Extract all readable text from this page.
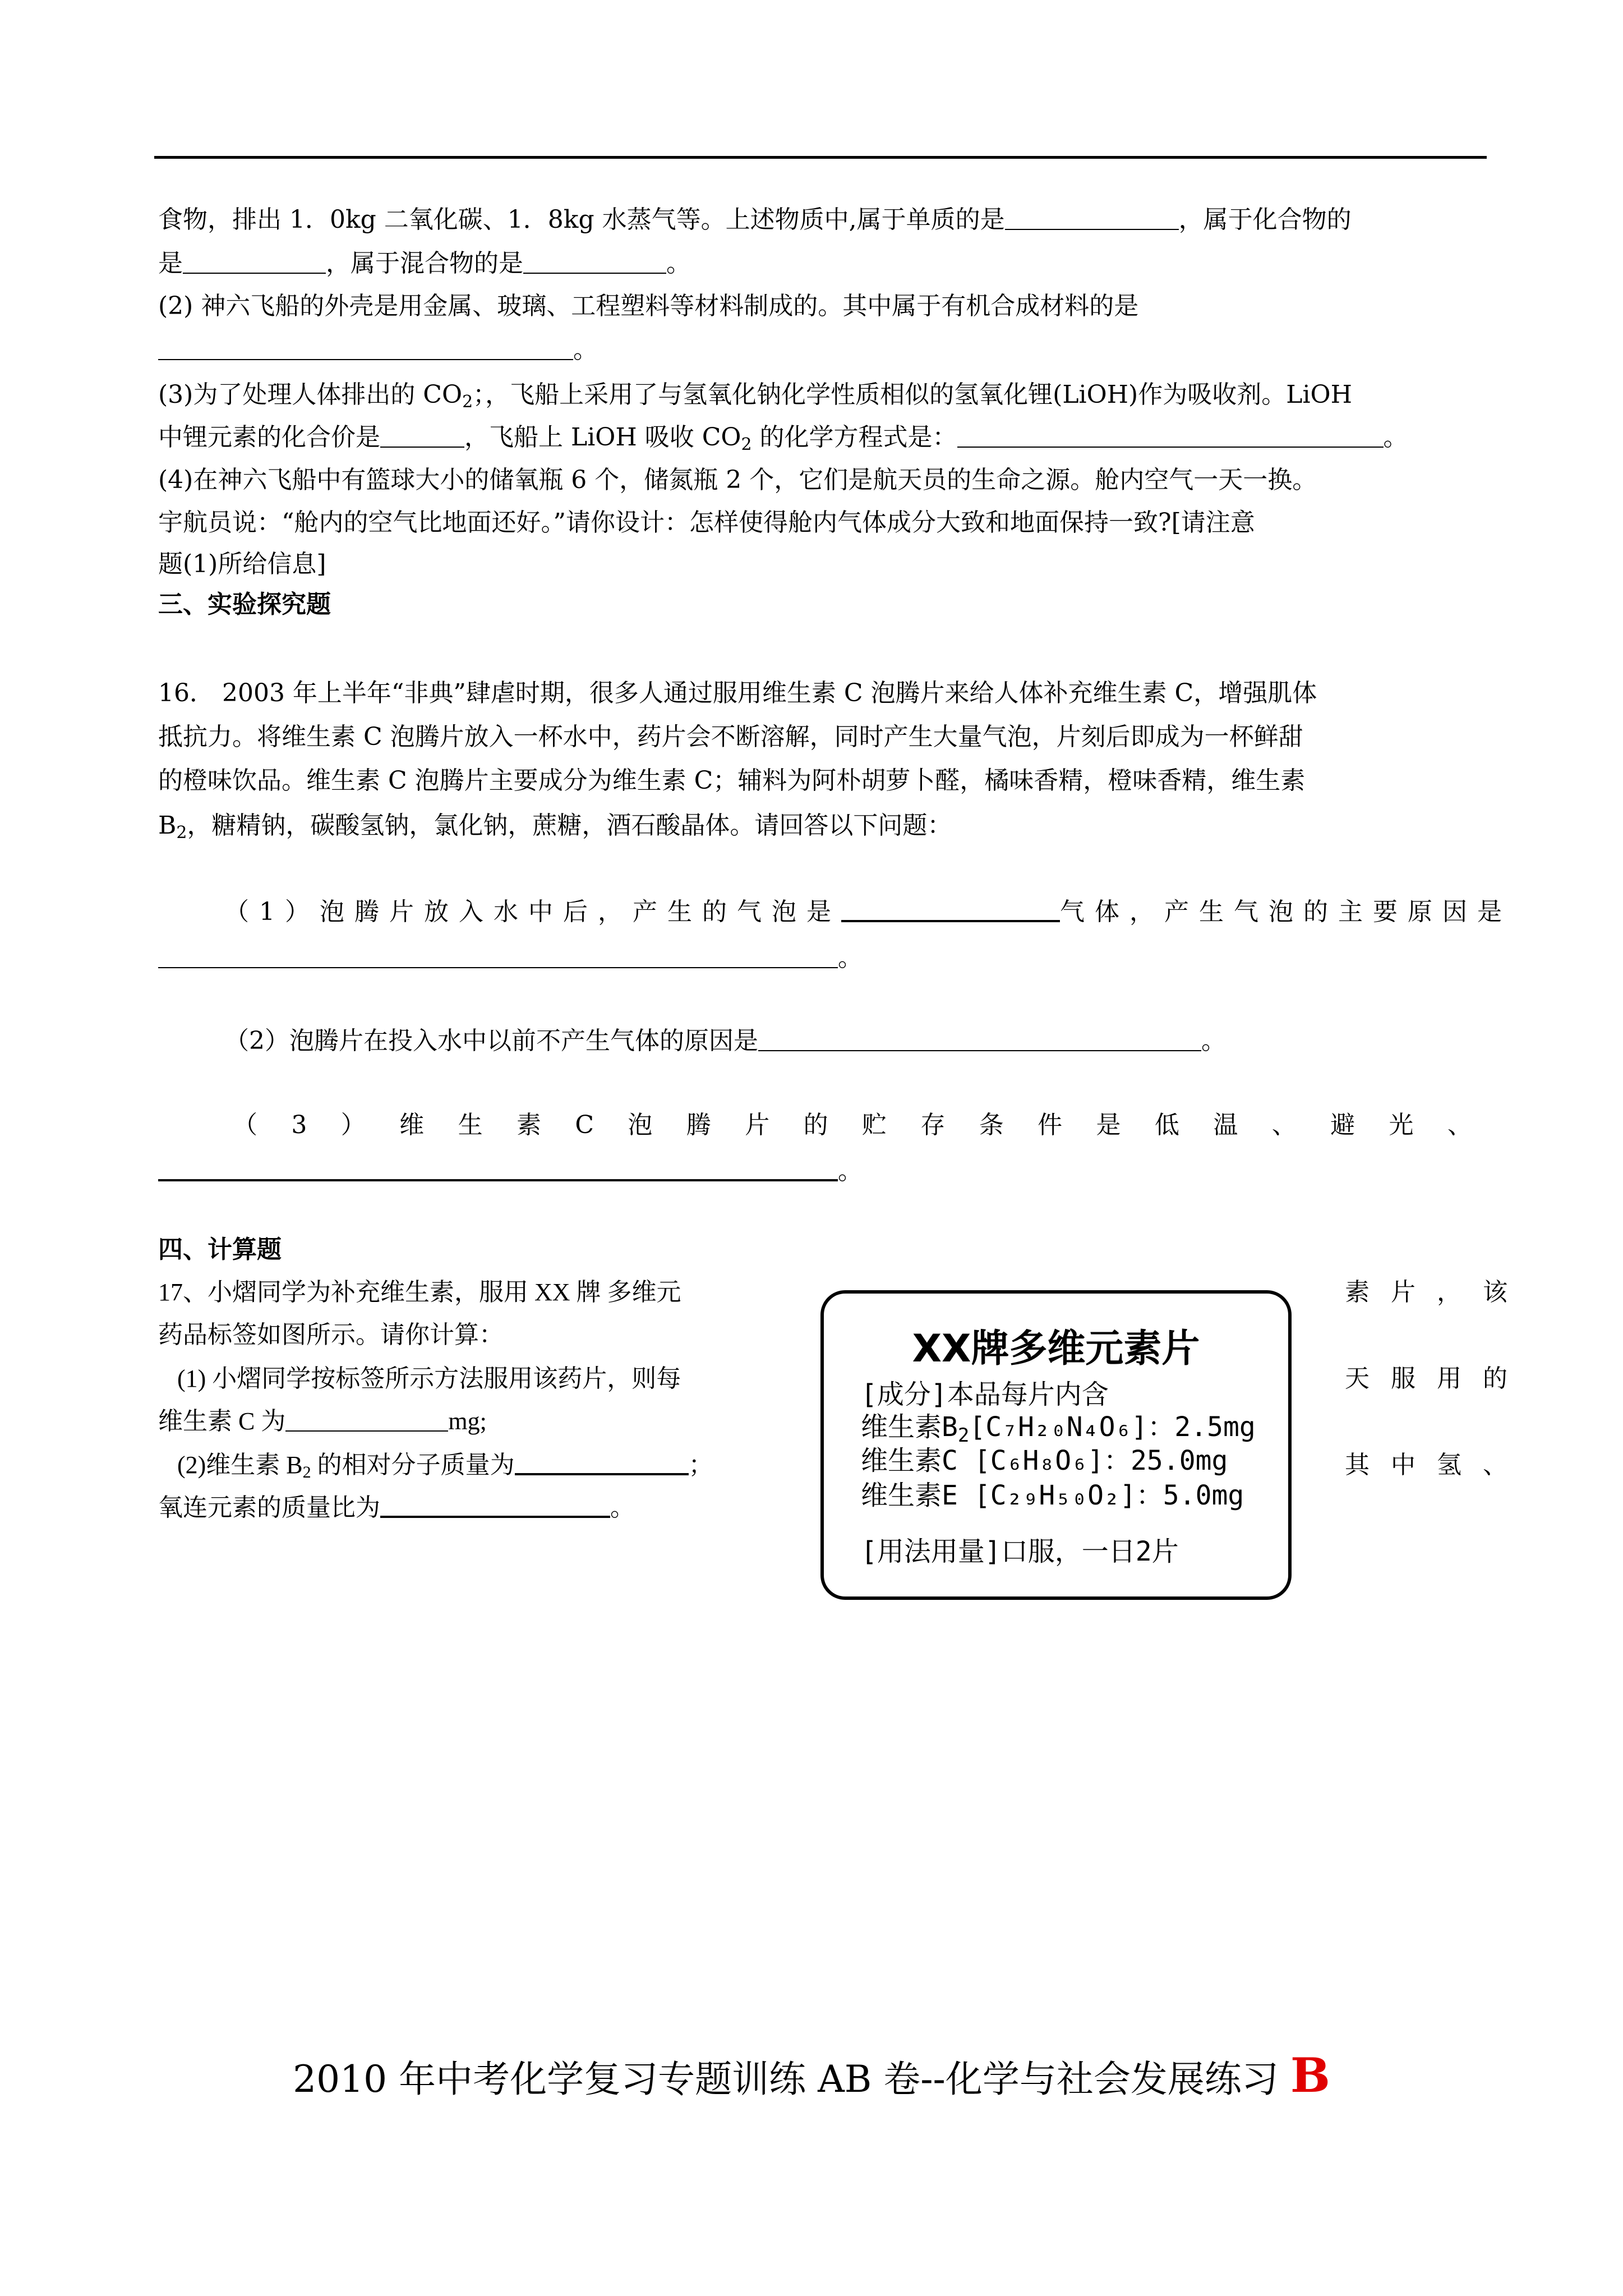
食物，排出 1．0kg 二氧化碳、1．8kg 水蒸气等。上述物质中,属于单质的是	，属于化合物的
是	，属于混合物的是	。
(2) 神六飞船的外壳是用金属、玻璃、工程塑料等材料制成的。其中属于有机合成材料的是
。
(3)为了处理人体排出的 $CO_2$；，飞船上采用了与氢氧化钠化学性质相似的氢氧化锂(LiOH)作为吸收剂。LiOH
中锂元素的化合价是	，飞船上 LiOH 吸收 $CO_2$ 的化学方程式是：	。
(4)在神六飞船中有篮球大小的储氧瓶 6 个，储氮瓶 2 个，它们是航天员的生命之源。舱内空气一天一换。
宇航员说：“舱内的空气比地面还好。”请你设计：怎样使得舱内气体成分大致和地面保持一致?[请注意
题(1)所给信息]
三、实验探究题
16． 2003 年上半年“非典”肆虐时期，很多人通过服用维生素 C 泡腾片来给人体补充维生素 C，增强肌体
抵抗力。将维生素 C 泡腾片放入一杯水中，药片会不断溶解，同时产生大量气泡，片刻后即成为一杯鲜甜
的橙味饮品。维生素 C 泡腾片主要成分为维生素 C；辅料为阿朴胡萝卜醛，橘味香精，橙味香精，维生素
$B_2$，糖精钠，碳酸氢钠，氯化钠，蔗糖，酒石酸晶体。请回答以下问题：
（1）泡腾片放入水中后，产生的气泡是	气体，产生气泡的主要原因是
。
（2）泡腾片在投入水中以前不产生气体的原因是	。
（ 3 ） 维 生 素 C 泡 腾 片 的 贮 存 条 件 是 低 温 、 避 光 、
。
四、计算题
17、小熠同学为补充维生素，服用 XX 牌 多维元
药品标签如图所示。请你计算：
(1) 小熠同学按标签所示方法服用该药片，则每
维生素 C 为	mg;
(2)维生素 $B_2$ 的相对分子质量为	；
氧连元素的质量比为	。
素 片 ， 该
天 服 用 的
其 中 氢 、
XX牌多维元素片
[成分]本品每片内含
维生素$B_2[C_7H_{20}N_4O_6]$：2.5mg
维生素C [C₆H₈O₆]：25.0mg
维生素E [C₂₉H₅₀O₂]：5.0mg
[用法用量]口服，一日2片
2010 年中考化学复习专题训练 AB 卷--化学与社会发展练习 B
